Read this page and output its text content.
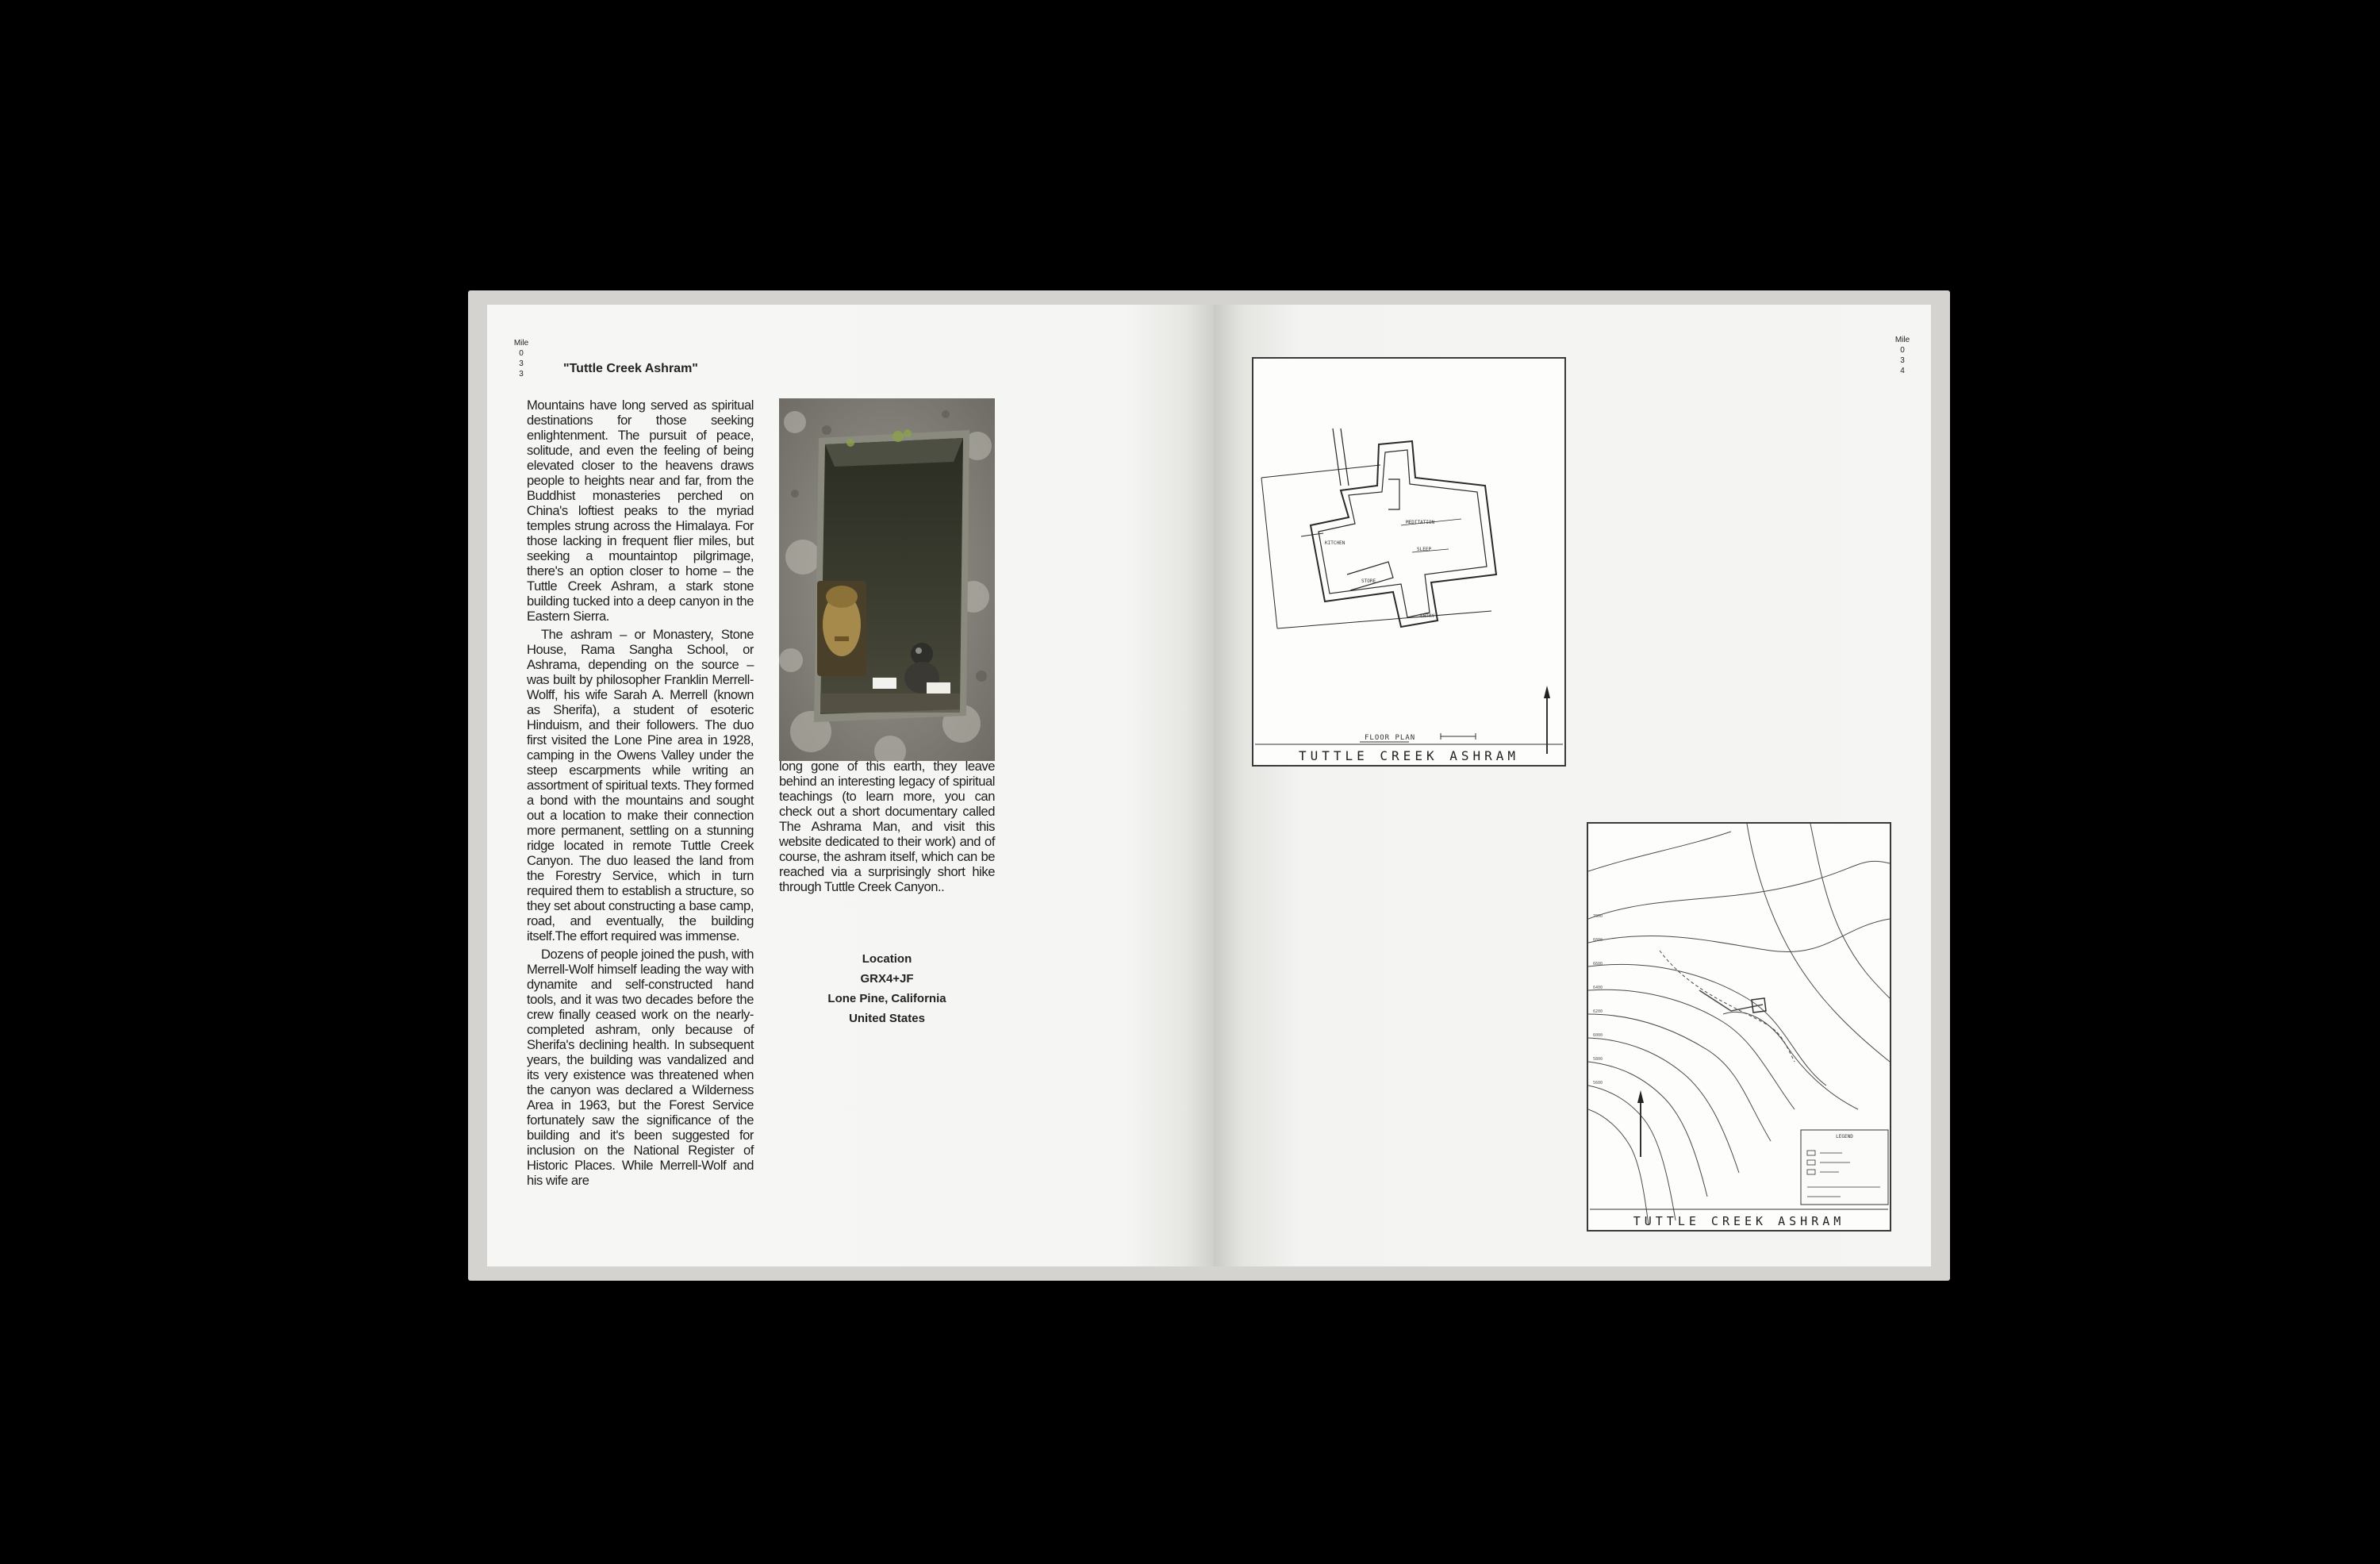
Mile
0
3
3	"Tuttle Creek Ashram"

Mountains have long served as spiritual destinations for those seeking enlightenment. The pursuit of peace, solitude, and even the feeling of being elevated closer to the heavens draws people to heights near and far, from the Buddhist monasteries perched on China's loftiest peaks to the myriad temples strung across the Himalaya. For those lacking in frequent flier miles, but seeking a mountaintop pilgrimage, there's an option closer to home – the Tuttle Creek Ashram, a stark stone building tucked into a deep canyon in the Eastern Sierra.

The ashram – or Monastery, Stone House, Rama Sangha School, or Ashrama, depending on the source – was built by philosopher Franklin Merrell-Wolff, his wife Sarah A. Merrell (known as Sherifa), a student of esoteric Hinduism, and their followers. The duo first visited the Lone Pine area in 1928, camping in the Owens Valley under the steep escarpments while writing an assortment of spiritual texts. They formed a bond with the mountains and sought out a location to make their connection more permanent, settling on a stunning ridge located in remote Tuttle Creek Canyon. The duo leased the land from the Forestry Service, which in turn required them to establish a structure, so they set about constructing a base camp, road, and eventually, the building itself.The effort required was immense.

Dozens of people joined the push, with Merrell-Wolf himself leading the way with dynamite and self-constructed hand tools, and it was two decades before the crew finally ceased work on the nearly-completed ashram, only because of Sherifa's declining health. In subsequent years, the building was vandalized and its very existence was threatened when the canyon was declared a Wilderness Area in 1963, but the Forest Service fortunately saw the significance of the building and it's been suggested for inclusion on the National Register of Historic Places. While Merrell-Wolf and his wife are

long gone of this earth, they leave behind an interesting legacy of spiritual teachings (to learn more, you can check out a short documentary called The Ashrama Man, and visit this website dedicated to their work) and of course, the ashram itself, which can be reached via a surprisingly short hike through Tuttle Creek Canyon..
Location
GRX4+JF
Lone Pine, California
United States
Mile
0
3
4
KITCHEN
MEDITATION
SLEEP
STORE
ENTRY
FLOOR PLAN
TUTTLE CREEK ASHRAM
7000
6800
6600
6400
6200
6000
5800
5600
LEGEND
TUTTLE CREEK ASHRAM
